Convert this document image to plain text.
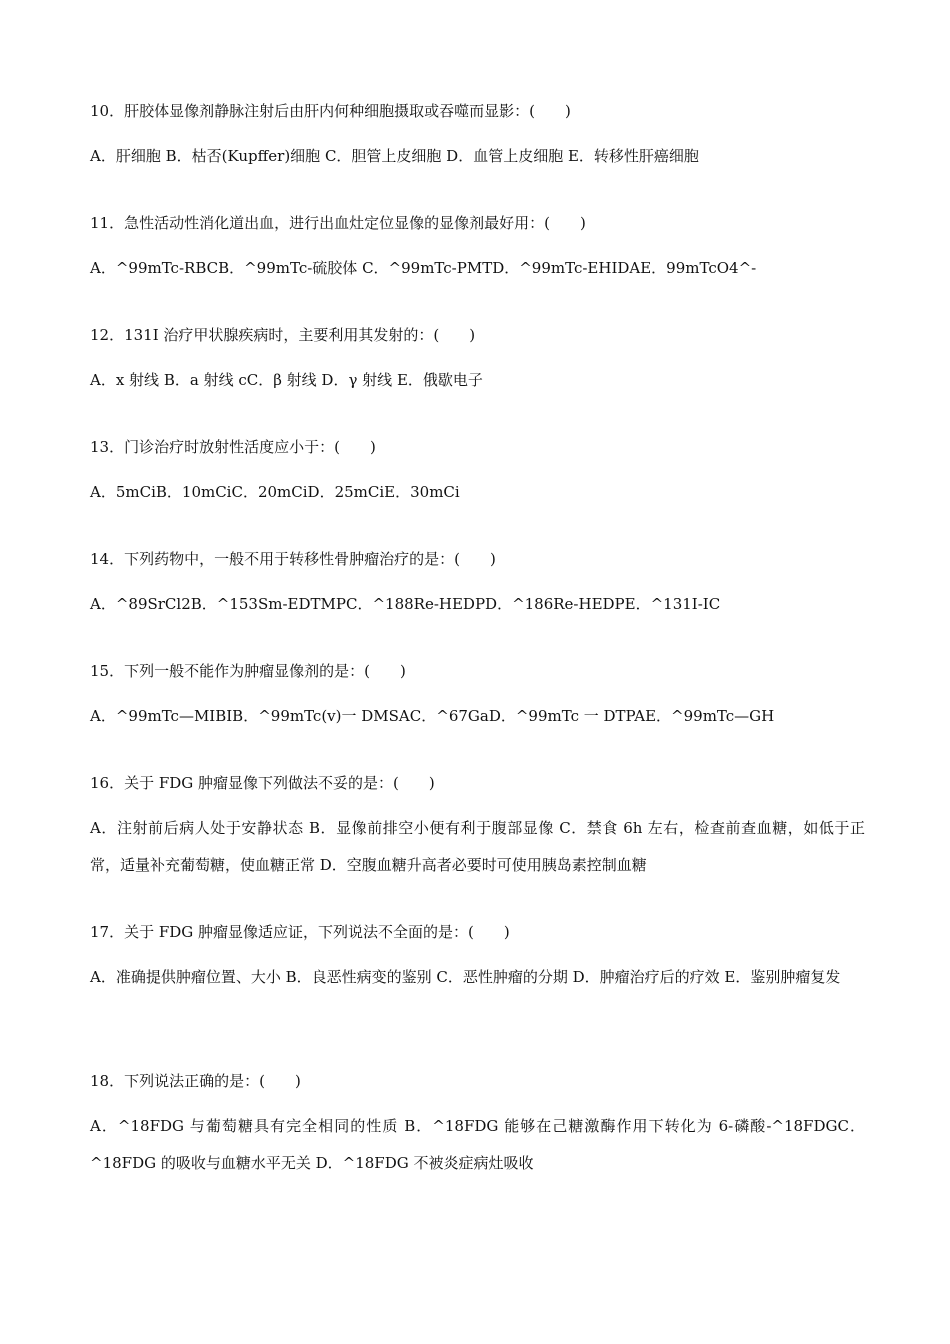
10．肝胶体显像剂静脉注射后由肝内何种细胞摄取或吞噬而显影：(　　)
A．肝细胞 B．枯否(Kupffer)细胞 C．胆管上皮细胞 D．血管上皮细胞 E．转移性肝癌细胞
11．急性活动性消化道出血，进行出血灶定位显像的显像剂最好用：(　　)
A．^99mTc-RBCB．^99mTc-硫胶体 C．^99mTc-PMTD．^99mTc-EHIDAE．99mTcO4^-
12．131I 治疗甲状腺疾病时，主要利用其发射的：(　　)
A．x 射线 B．a 射线 cC．β 射线 D．γ 射线 E．俄歇电子
13．门诊治疗时放射性活度应小于：(　　)
A．5mCiB．10mCiC．20mCiD．25mCiE．30mCi
14．下列药物中，一般不用于转移性骨肿瘤治疗的是：(　　)
A．^89SrCl2B．^153Sm-EDTMPC．^188Re-HEDPD．^186Re-HEDPE．^131I-IC
15．下列一般不能作为肿瘤显像剂的是：(　　)
A．^99mTc—MIBIB．^99mTc(v)一 DMSAC．^67GaD．^99mTc 一 DTPAE．^99mTc—GH
16．关于 FDG 肿瘤显像下列做法不妥的是：(　　)
A．注射前后病人处于安静状态 B．显像前排空小便有利于腹部显像 C．禁食 6h 左右，检查前查血糖，如低于正常，适量补充葡萄糖，使血糖正常 D．空腹血糖升高者必要时可使用胰岛素控制血糖
17．关于 FDG 肿瘤显像适应证，下列说法不全面的是：(　　)
A．准确提供肿瘤位置、大小 B．良恶性病变的鉴别 C．恶性肿瘤的分期 D．肿瘤治疗后的疗效 E．鉴别肿瘤复发
18．下列说法正确的是：(　　)
A．^18FDG 与葡萄糖具有完全相同的性质 B．^18FDG 能够在己糖激酶作用下转化为 6-磷酸-^18FDGC．^18FDG 的吸收与血糖水平无关 D．^18FDG 不被炎症病灶吸收
